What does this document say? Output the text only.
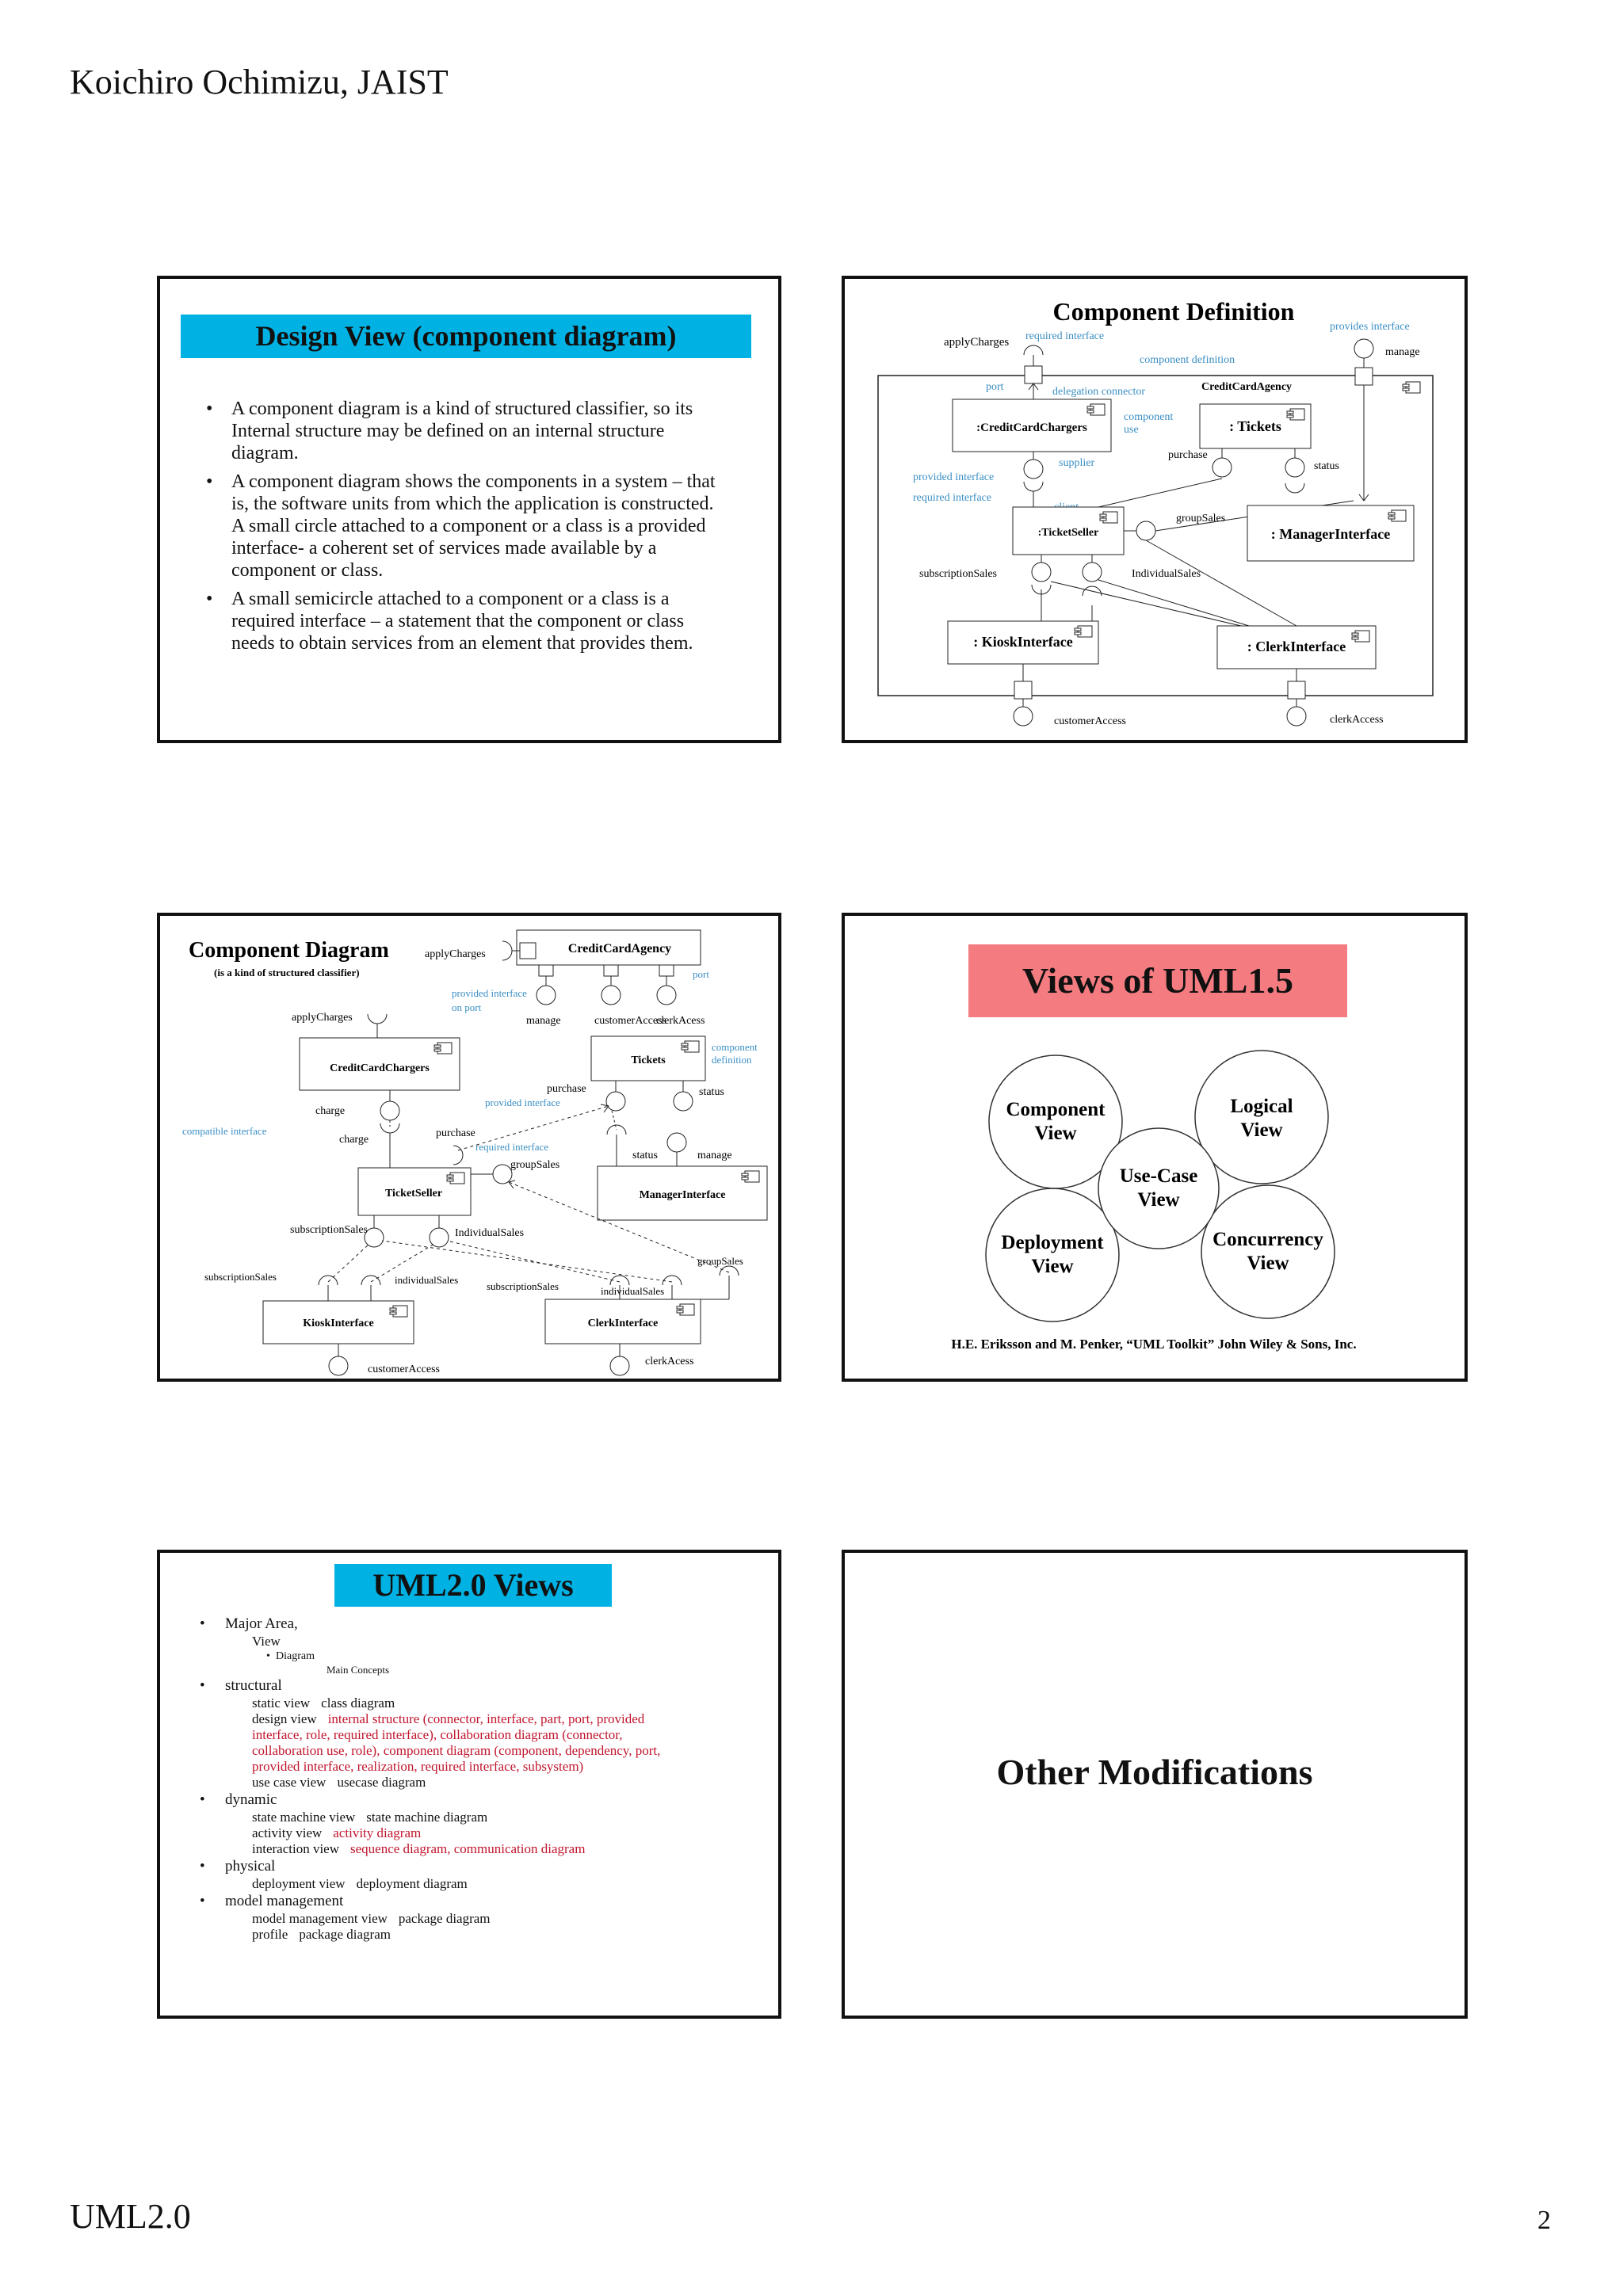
Koichiro Ochimizu, JAIST
UML2.0	2
Design View (component diagram)
• A component diagram is a kind of structured classifier, so its Internal structure may be defined on an internal structure diagram.
• A component diagram shows the components in a system – that is, the software units from which the application is constructed. A small circle attached to a component or a class is a provided interface- a coherent set of services made available by a component or class.
• A small semicircle attached to a component or a class is a required interface – a statement that the component or class needs to obtain services from an element that provides them.
Component Definition
CreditCardAgency
applyCharges required interface
manage
provides interface
component definition
port	delegation connector
:CreditCardChargers
component
use	: Tickets
purchase
status
supplier
provided interface
required interface
:TicketSeller
groupSales
subscriptionSales	IndividualSales
: ManagerInterface
: KioskInterface	: ClerkInterface
customerAccess	clerkAccess
Component Diagram
(is a kind of structured classifier)
CreditCardAgency
applyCharges
port
provided interface
on port
manage	customerAccess
clerkAcess
applyCharges
CreditCardChargers
charge
compatible interface
charge
Tickets
component
definition
purchase
provided interface
status
purchase
required interface
TicketSeller
groupSales
subscriptionSales	IndividualSales
status	manage
ManagerInterface
subscriptionSales	individualSales
KioskInterface
customerAccess
subscriptionSales	individualSales
groupSales
ClerkInterface
clerkAcess
Views of UML1.5
Component
View
Logical
View
Use-Case
View
Deployment
View
Concurrency
View
H.E. Eriksson and M. Penker, “UML Toolkit” John Wiley & Sons, Inc.
UML2.0 Views
• Major Area,
View
• Diagram
Main Concepts
• structural
static view class diagram
design view internal structure (connector, interface, part, port, provided
interface, role, required interface), collaboration diagram (connector,
collaboration use, role), component diagram (component, dependency, port,
provided interface, realization, required interface, subsystem)
use case view usecase diagram
• dynamic
state machine view state machine diagram
activity view activity diagram
interaction view sequence diagram, communication diagram
• physical
deployment view deployment diagram
• model management
model management view package diagram
profile package diagram
Other Modifications
